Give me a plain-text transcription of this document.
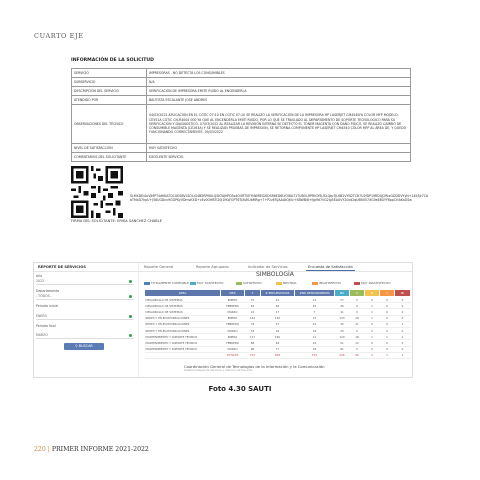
CUARTO EJE
INFORMACIÓN DE LA SOLICITUD
SERVICIO	IMPRESORAS - NO DETECTA LOS CONSUMIBLES
SUBSERVICIO	N/A
DESCRIPCIÓN DEL SERVICIO	VERIFICACIÓN DE IMPRESORA EMITE RUIDO AL ENCENDERLA
ATENDIDO POR	BAUTISTA ESCALANTE JOSE ANDRES
OBSERVACIONES DEL TÉCNICO	04/03/2022 APLICACIÓN EN EL CGTIC 07:10 EN CGTIC 07:10 SE REALIZÓ LA VERIFICACIÓN DE LA IMPRESORA HP LASERJET CM4540FA COLOR MFP MODELO: CE551A CGTIC CN-R4004 000 YA QUE AL ENCENDERLA EMITÍ RUIDO, POR LO QUE SE TRASLADÓ AL DEPARTAMENTO DE SOPORTE TECNOLÓGICO PARA SU VERIFICACIÓN Y DIAGNÓSTICO. 07/03/2022 AL REALIZAR LA REVISIÓN INTERNA SE DETECTÓ EL TÓNER MAGENTA CON DAÑO FÍSICO, SE REALIZÓ CAMBIO DE CONSUMIBLE MAGENTA (CE263A) Y SE REALIZAN PRUEBAS DE IMPRESIÓN, SE RETORNA COMPONENTE HP LASERJET CM4540 COLOR MFP AL ÁREA DE, Y QUEDO FUNCIONANDO CORRECTAMENTE. 09/03/2022
NIVEL DE SATISFACCIÓN	MUY SATISFECHO
COMENTARIOS DEL SOLICITANTE	EXCELENTE SERVICIO.
SLMXDEiAuVJMPT4dKKATQCGESBVLSOLIG4B5RPNXLQSKTAJHPD5s4OVRTVEYNWRESXIDSR6ED6LYOI6A71TUBOLRPRIGYSUSLQtp7JLKB2VYN2TCB7U2fDP19RDQJ2RtxGDDDVYyN+14lt5jr7CAbTMxD7hpU+J58UGDnc9GGPKyVDmvKXD+cEv0OHBTi20J1fKsFGPT6TJAVKUbMRg+7+P2zEfQAAAtQt0c+SBWBi8+fjgHd7VG2Ig5EAUVY20zd2qU6BU57XGVeE8GYY6ppCHAKaGSw
FIRMA DEL SOLICITANTE: ERIKA SANCHEZ CHABLE
REPORTE DE SERVICIOS	Reporte General	Reporte Agrupado	Indicador de Servicios	Encuesta de Satisfacción
Año
2022
Departamento
- TODOS -
Periodo inicial
ENERO
Periodo final
MARZO
⚲ BUSCAR
SIMBOLOGÍA
TOTALMENTE CONFIABLE	MUY SATISFECHO	SATISFECHO	NEUTRAL	INSATISFECHO	MUY INSATISFECHO
ÁREA	MES	T	# ENCUESTADOS	#NO RESPONDIERON	MS	S	N	I	MI
DESARROLLO DE SISTEMAS	ENERO	75	61	14	57	0	0	0	0
DESARROLLO DE SISTEMAS	FEBRERO	64	46	42	46	0	1	0	0
DESARROLLO DE SISTEMAS	MARZO	24	17	7	11	0	1	0	0
REDES Y TELECOMUNICACIONES	ENERO	163	140	27	133	28	1	0	0
REDES Y TELECOMUNICACIONES	FEBRERO	79	57	22	35	11	0	0	1
REDES Y TELECOMUNICACIONES	MARZO	33	16	18	20	0	0	0	0
MANTENIMIENTO Y SOPORTE TÉCNICO	ENERO	171	160	11	120	18	1	1	1
MANTENIMIENTO Y SOPORTE TÉCNICO	FEBRERO	88	64	22	51	12	0	0	0
MANTENIMIENTO Y SOPORTE TÉCNICO	MARZO	96	77	18	61	2	0	0	0
	TOTALES	703	848	155	446	86	4	1	1
Coordinación General de Tecnologías de la Información y la Comunicación
Sistema Integral de Servicios y Atención de Usuarios
Foto 4.30 SAUTI
220 | PRIMER INFORME 2021-2022
